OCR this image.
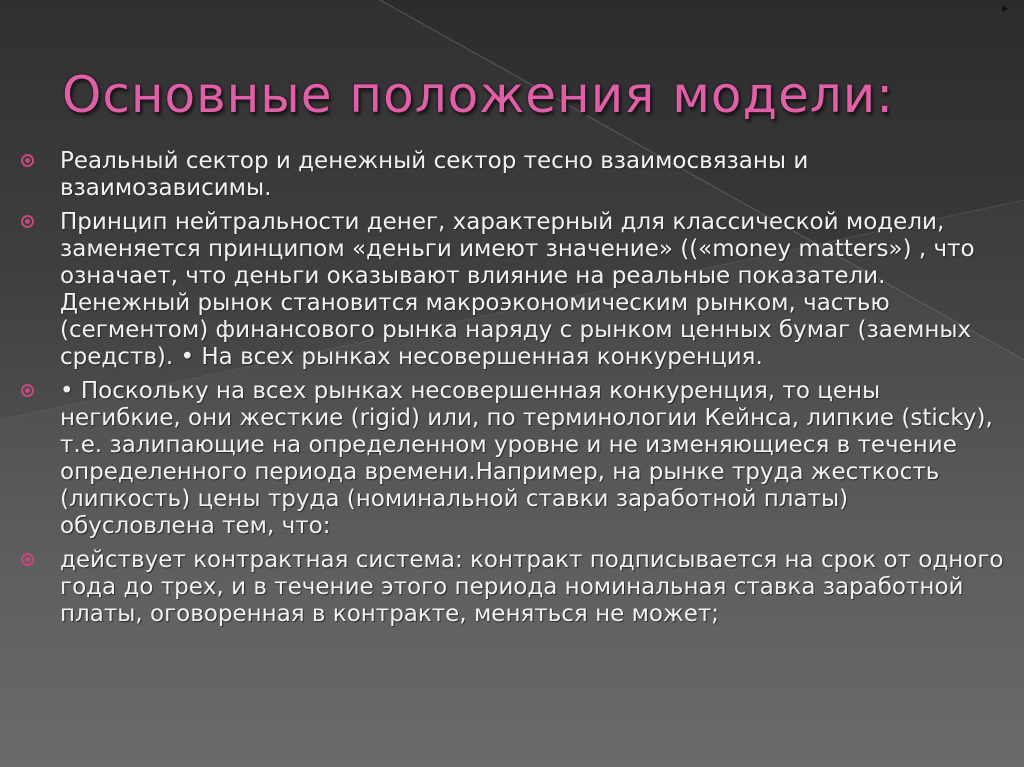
▸
Основные положения модели:
Реальный сектор и денежный сектор тесно взаимосвязаны и взаимозависимы.
Принцип нейтральности денег, характерный для классической модели, заменяется принципом «деньги имеют значение» ((«money matters») , что означает, что деньги оказывают влияние на реальные показатели. Денежный рынок становится макроэкономическим рынком, частью (сегментом) финансового рынка наряду с рынком ценных бумаг (заемных средств). • На всех рынках несовершенная конкуренция.
• Поскольку на всех рынках несовершенная конкуренция, то цены негибкие, они жесткие (rigid) или, по терминологии Кейнса, липкие (sticky), т.е. залипающие на определенном уровне и не изменяющиеся в течение определенного периода времени.Например, на рынке труда жесткость (липкость) цены труда (номинальной ставки заработной платы) обусловлена тем, что:
действует контрактная система: контракт подписывается на срок от одного года до трех, и в течение этого периода номинальная ставка заработной платы, оговоренная в контракте, меняться не может;
